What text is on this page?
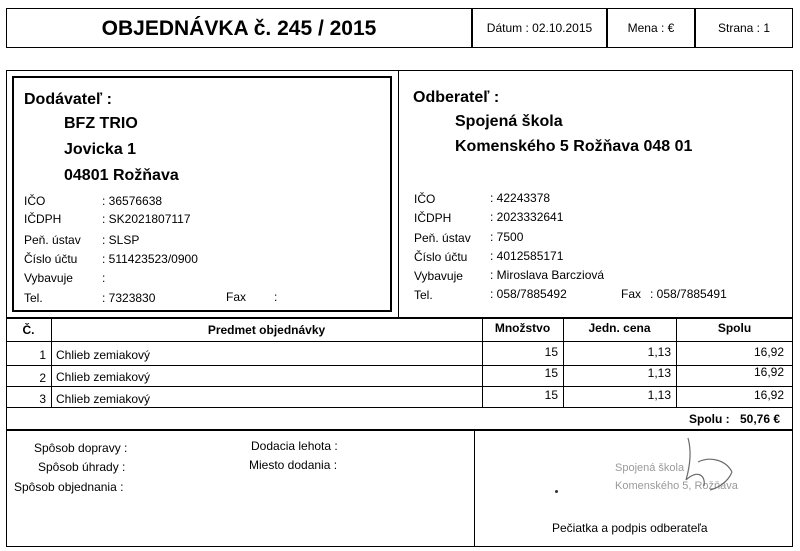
OBJEDNÁVKA č. 245 / 2015	Dátum : 02.10.2015	Mena : €	Strana : 1
Dodávateľ :
BFZ TRIO
Jovicka 1
04801 Rožňava
IČO	: 36576638
IČDPH	: SK2021807117
Peň. ústav : SLSP
Číslo účtu : 511423523/0900
Vybavuje :
Tel.	: 7323830	Fax :
Odberateľ :
Spojená škola
Komenského 5 Rožňava 048 01
IČO	: 42243378
IČDPH	: 2023332641
Peň. ústav : 7500
Číslo účtu : 4012585171
Vybavuje : Miroslava Barcziová
Tel.	: 058/7885492	Fax : 058/7885491
Č.	Predmet objednávky	Množstvo	Jedn. cena	Spolu
1 Chlieb zemiakový	15	1,13	16,92
2 Chlieb zemiakový	15	1,13	16,92
3 Chlieb zemiakový	15	1,13	16,92
Spolu : 50,76 €
Spôsob dopravy :
Spôsob úhrady :
Spôsob objednania :
Dodacia lehota :
Miesto dodania :	Spojená škola
Komenského 5, Rožňava
Pečiatka a podpis odberateľa
